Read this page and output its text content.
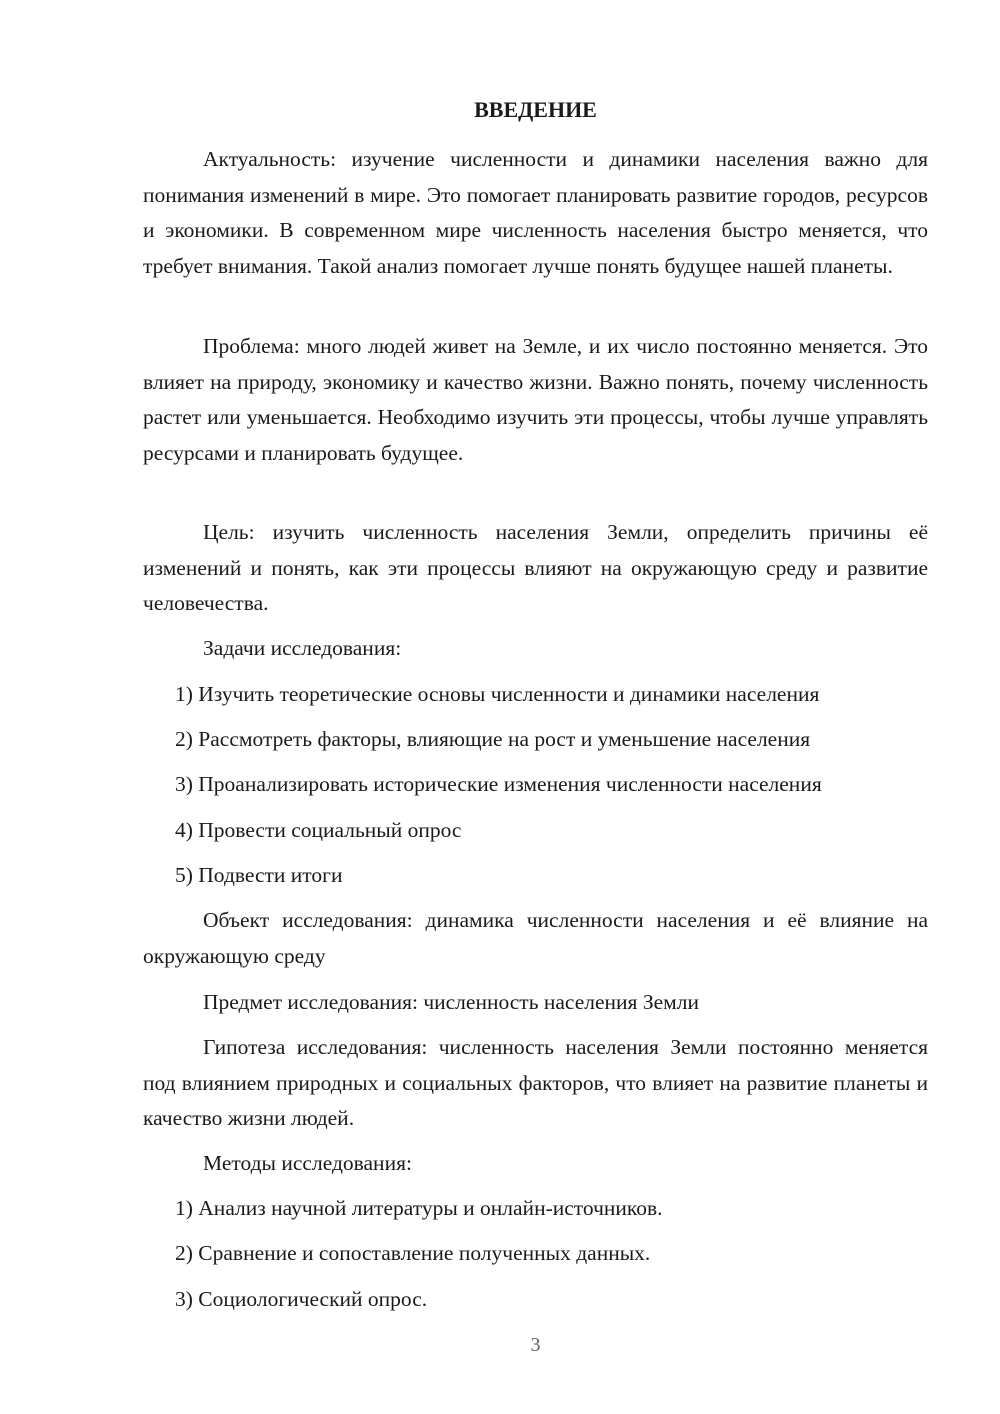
ВВЕДЕНИЕ

Актуальность: изучение численности и динамики населения важно для понимания изменений в мире. Это помогает планировать развитие городов, ресурсов и экономики. В современном мире численность населения быстро меняется, что требует внимания. Такой анализ помогает лучше понять будущее нашей планеты.

Проблема: много людей живет на Земле, и их число постоянно меняется. Это влияет на природу, экономику и качество жизни. Важно понять, почему численность растет или уменьшается. Необходимо изучить эти процессы, чтобы лучше управлять ресурсами и планировать будущее.

Цель: изучить численность населения Земли, определить причины её изменений и понять, как эти процессы влияют на окружающую среду и развитие человечества.

Задачи исследования:

1) Изучить теоретические основы численности и динамики населения

2) Рассмотреть факторы, влияющие на рост и уменьшение населения

3) Проанализировать исторические изменения численности населения

4) Провести социальный опрос

5) Подвести итоги

Объект исследования: динамика численности населения и её влияние на окружающую среду

Предмет исследования: численность населения Земли

Гипотеза исследования: численность населения Земли постоянно меняется под влиянием природных и социальных факторов, что влияет на развитие планеты и качество жизни людей.

Методы исследования:

1) Анализ научной литературы и онлайн-источников.

2) Сравнение и сопоставление полученных данных.

3) Социологический опрос.

3
